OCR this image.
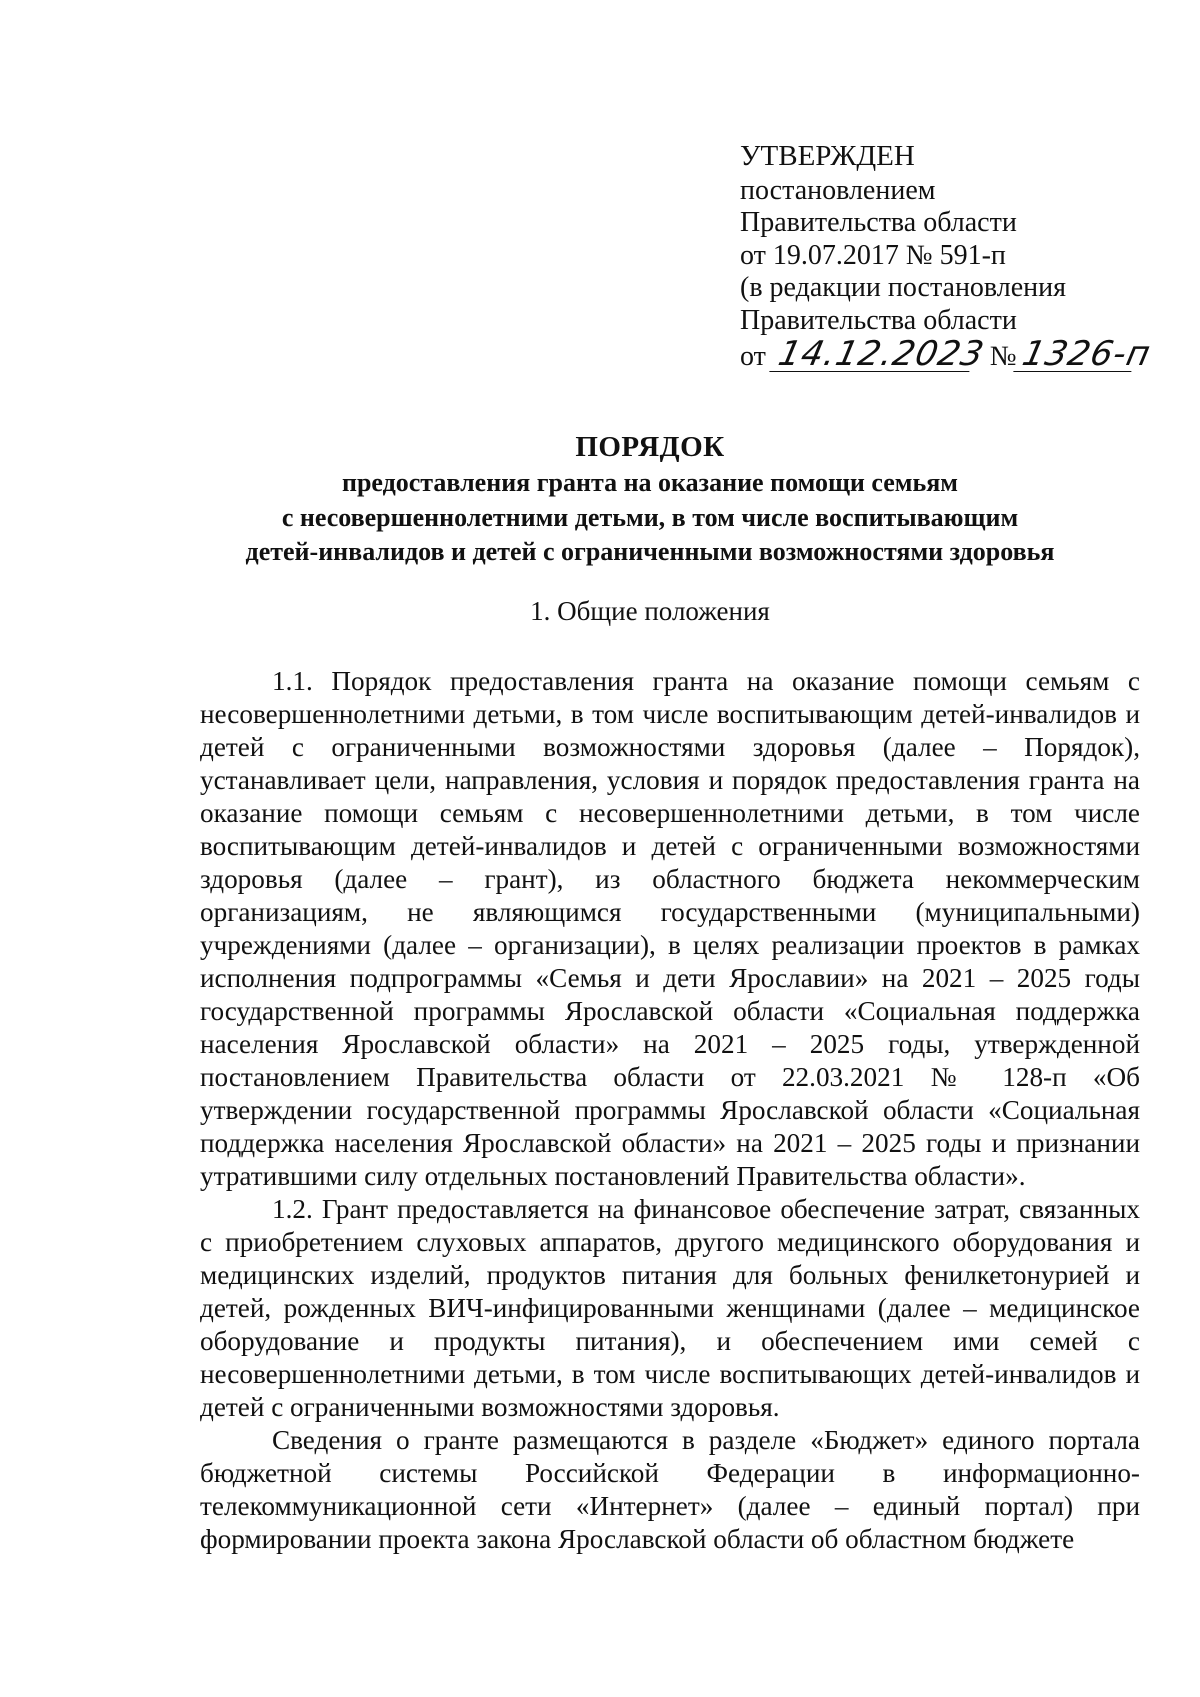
УТВЕРЖДЕН
постановлением
Правительства области
от 19.07.2017 № 591-п
(в редакции постановления
Правительства области
от 14.12.2023 №1326-п
ПОРЯДОК
предоставления гранта на оказание помощи семьям
с несовершеннолетними детьми, в том числе воспитывающим
детей-инвалидов и детей с ограниченными возможностями здоровья
1. Общие положения

1.1. Порядок предоставления гранта на оказание помощи семьям с несовершеннолетними детьми, в том числе воспитывающим детей-инвалидов и детей с ограниченными возможностями здоровья (далее – Порядок), устанавливает цели, направления, условия и порядок предоставления гранта на оказание помощи семьям с несовершеннолетними детьми, в том числе воспитывающим детей-инвалидов и детей с ограниченными возможностями здоровья (далее – грант), из областного бюджета некоммерческим организациям, не являющимся государственными (муниципальными) учреждениями (далее – организации), в целях реализации проектов в рамках исполнения подпрограммы «Семья и дети Ярославии» на 2021 – 2025 годы государственной программы Ярославской области «Социальная поддержка населения Ярославской области» на 2021 – 2025 годы, утвержденной постановлением Правительства области от 22.03.2021 № 128-п «Об утверждении государственной программы Ярославской области «Социальная поддержка населения Ярославской области» на 2021 – 2025 годы и признании утратившими силу отдельных постановлений Правительства области».

1.2. Грант предоставляется на финансовое обеспечение затрат, связанных с приобретением слуховых аппаратов, другого медицинского оборудования и медицинских изделий, продуктов питания для больных фенилкетонурией и детей, рожденных ВИЧ-инфицированными женщинами (далее – медицинское оборудование и продукты питания), и обеспечением ими семей с несовершеннолетними детьми, в том числе воспитывающих детей-инвалидов и детей с ограниченными возможностями здоровья.

Сведения о гранте размещаются в разделе «Бюджет» единого портала бюджетной системы Российской Федерации в информационно-телекоммуникационной сети «Интернет» (далее – единый портал) при формировании проекта закона Ярославской области об областном бюджете
